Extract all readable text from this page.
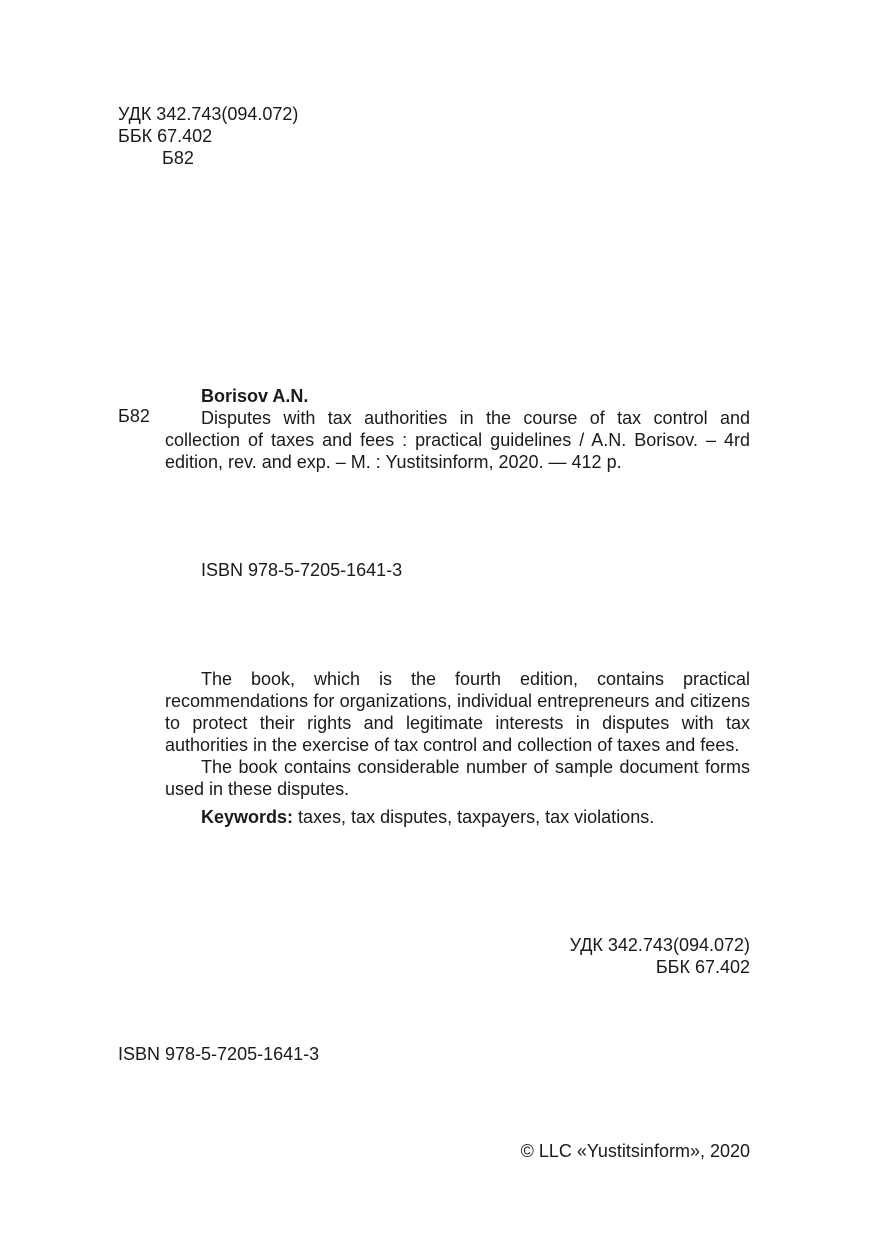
УДК 342.743(094.072)
ББК 67.402
Б82
Б82
Borisov A.N.

Disputes with tax authorities in the course of tax control and collection of taxes and fees : practical guidelines / A.N. Borisov. – 4rd edition, rev. and exp. – M. : Yustitsinform, 2020. — 412 p.

ISBN 978-5-7205-1641-3

The book, which is the fourth edition, contains practical recommendations for organizations, individual entrepreneurs and citizens to protect their rights and legitimate interests in disputes with tax authorities in the exercise of tax control and collection of taxes and fees.

The book contains considerable number of sample document forms used in these disputes.

Keywords: taxes, tax disputes, taxpayers, tax violations.

УДК 342.743(094.072)
ББК 67.402
ISBN 978-5-7205-1641-3
© LLC «Yustitsinform», 2020
